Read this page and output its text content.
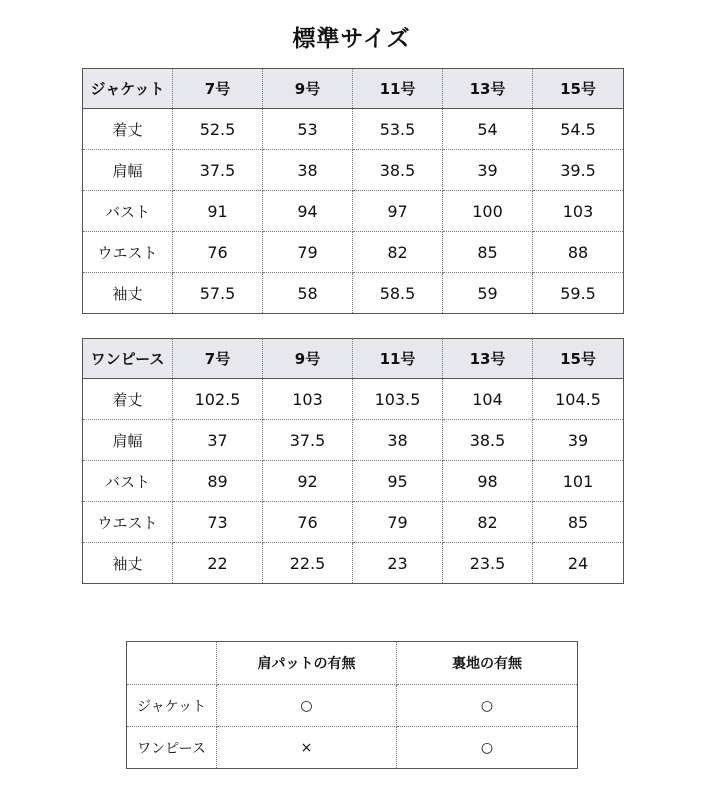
標準サイズ
ジャケット	7号	9号	11号	13号	15号
着丈	52.5	53	53.5	54	54.5
肩幅	37.5	38	38.5	39	39.5
バスト	91	94	97	100	103
ウエスト	76	79	82	85	88
袖丈	57.5	58	58.5	59	59.5
ワンピース	7号	9号	11号	13号	15号
着丈	102.5	103	103.5	104	104.5
肩幅	37	37.5	38	38.5	39
バスト	89	92	95	98	101
ウエスト	73	76	79	82	85
袖丈	22	22.5	23	23.5	24
	肩パットの有無	裏地の有無
ジャケット	○	○
ワンピース	×	○
